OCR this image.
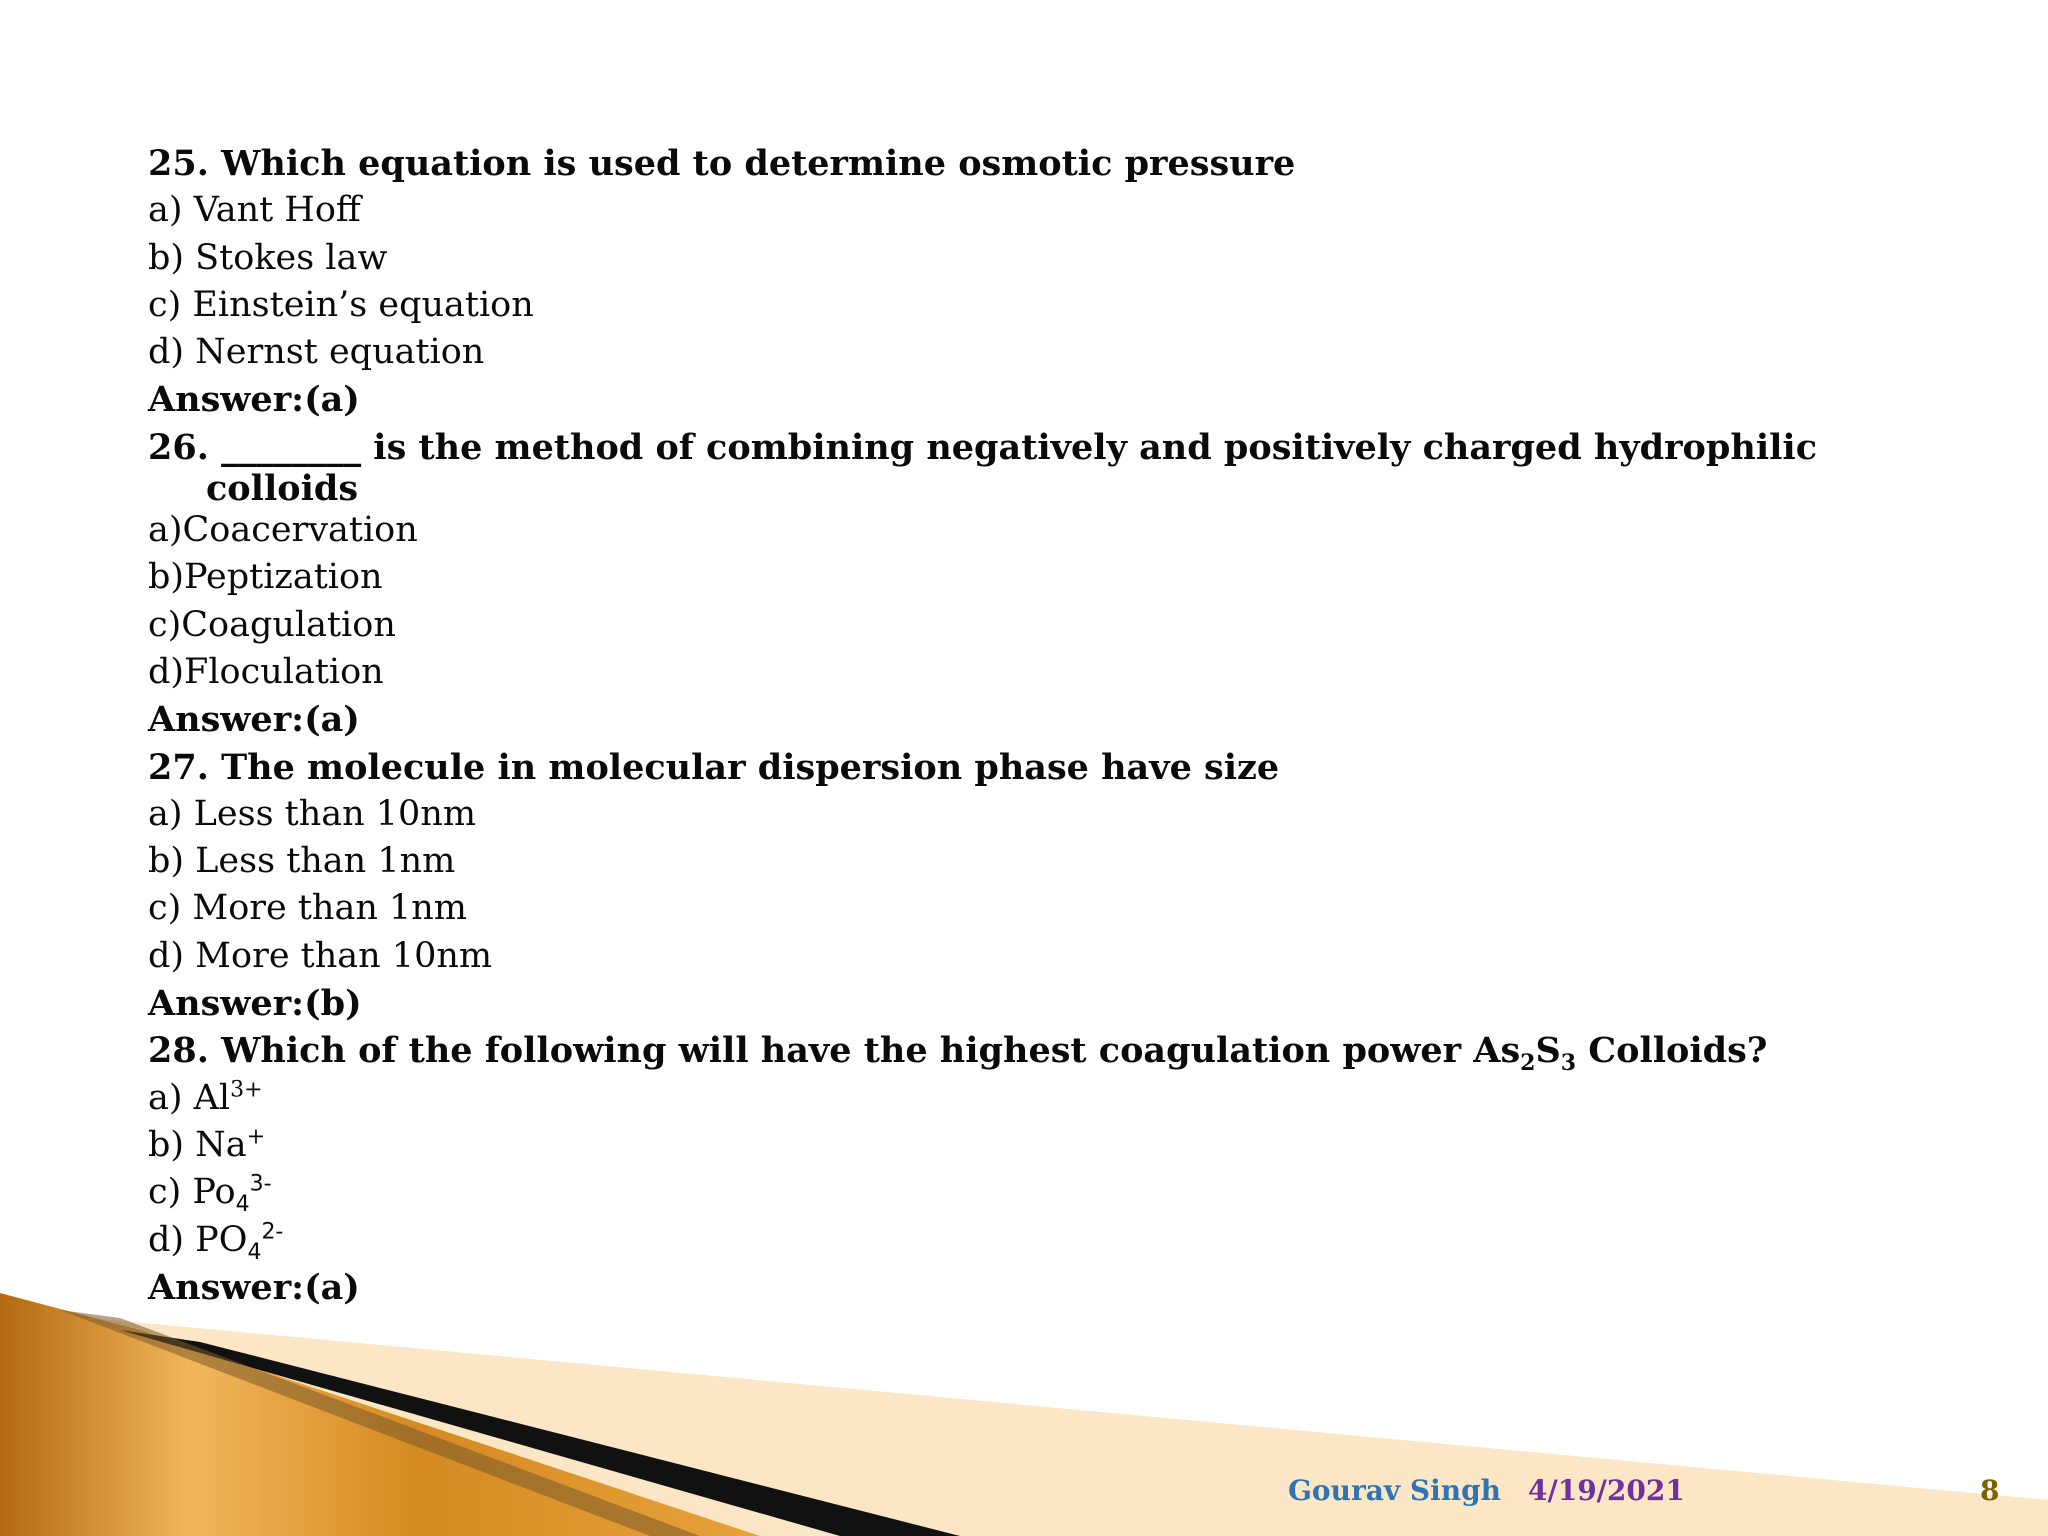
25. Which equation is used to determine osmotic pressure

a) Vant Hoff

b) Stokes law

c) Einstein’s equation

d) Nernst equation

Answer:(a)

26. ________ is the method of combining negatively and positively charged hydrophilic
colloids

a)Coacervation

b)Peptization

c)Coagulation

d)Floculation

Answer:(a)

27. The molecule in molecular dispersion phase have size

a) Less than 10nm

b) Less than 1nm

c) More than 1nm

d) More than 10nm

Answer:(b)

28. Which of the following will have the highest coagulation power $As_2S_3$ Colloids?

a) $Al^{3+}$

b) Na+

c) $Po_4^{3-}$

d) $PO_4^{2-}$

Answer:(a)

Gourav Singh 4/19/2021	8
